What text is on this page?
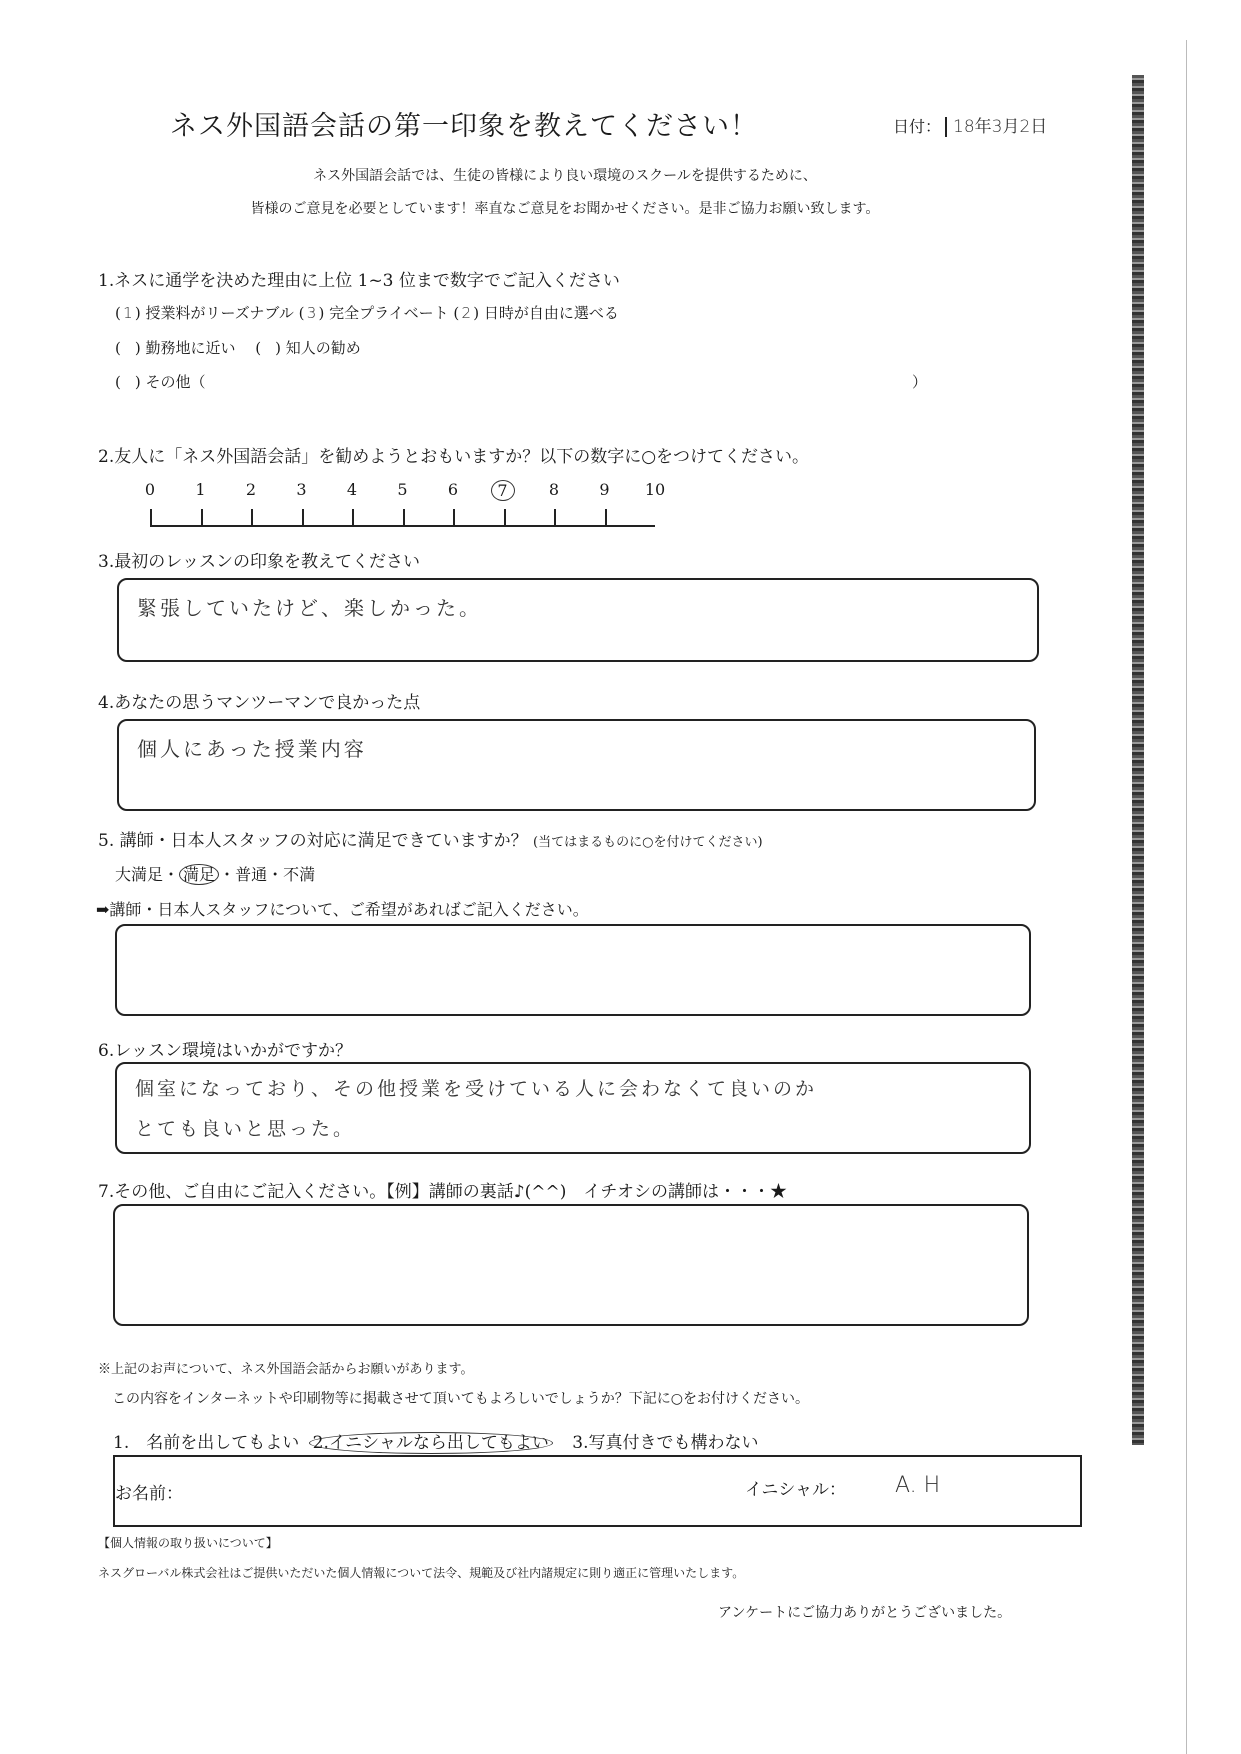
ネス外国語会話の第一印象を教えてください！	日付： 18年3月2日
ネス外国語会話では、生徒の皆様により良い環境のスクールを提供するために、
皆様のご意見を必要としています！率直なご意見をお聞かせください。是非ご協力お願い致します。
1.ネスに通学を決めた理由に上位 1~3 位まで数字でご記入ください
( 1 ) 授業料がリーズナブル ( 3 ) 完全プライベート ( 2 ) 日時が自由に選べる
( ) 勤務地に近い　 ( ) 知人の勧め
( ) その他（	）
2.友人に「ネス外国語会話」を勧めようとおもいますか？以下の数字に○をつけてください。
0	1	2	3	4	5	6	7	8	9	10
3.最初のレッスンの印象を教えてください
緊張していたけど、楽しかった。
4.あなたの思うマンツーマンで良かった点
個人にあった授業内容
5. 講師・日本人スタッフの対応に満足できていますか？ (当てはまるものに○を付けてください)
大満足・ 満足 ・普通・不満
➡講師・日本人スタッフについて、ご希望があればご記入ください。
6.レッスン環境はいかがですか？
個室になっており、その他授業を受けている人に会わなくて良いのか
とても良いと思った。
7.その他、ご自由にご記入ください。【例】講師の裏話♪(^^)　イチオシの講師は・・・★
※上記のお声について、ネス外国語会話からお願いがあります。
この内容をインターネットや印刷物等に掲載させて頂いてもよろしいでしょうか？下記に○をお付けください。
1.　名前を出してもよい 2.イニシャルなら出してもよい 3.写真付きでも構わない
お名前：	イニシャル： A. H
【個人情報の取り扱いについて】
ネスグローバル株式会社はご提供いただいた個人情報について法令、規範及び社内諸規定に則り適正に管理いたします。
アンケートにご協力ありがとうございました。
